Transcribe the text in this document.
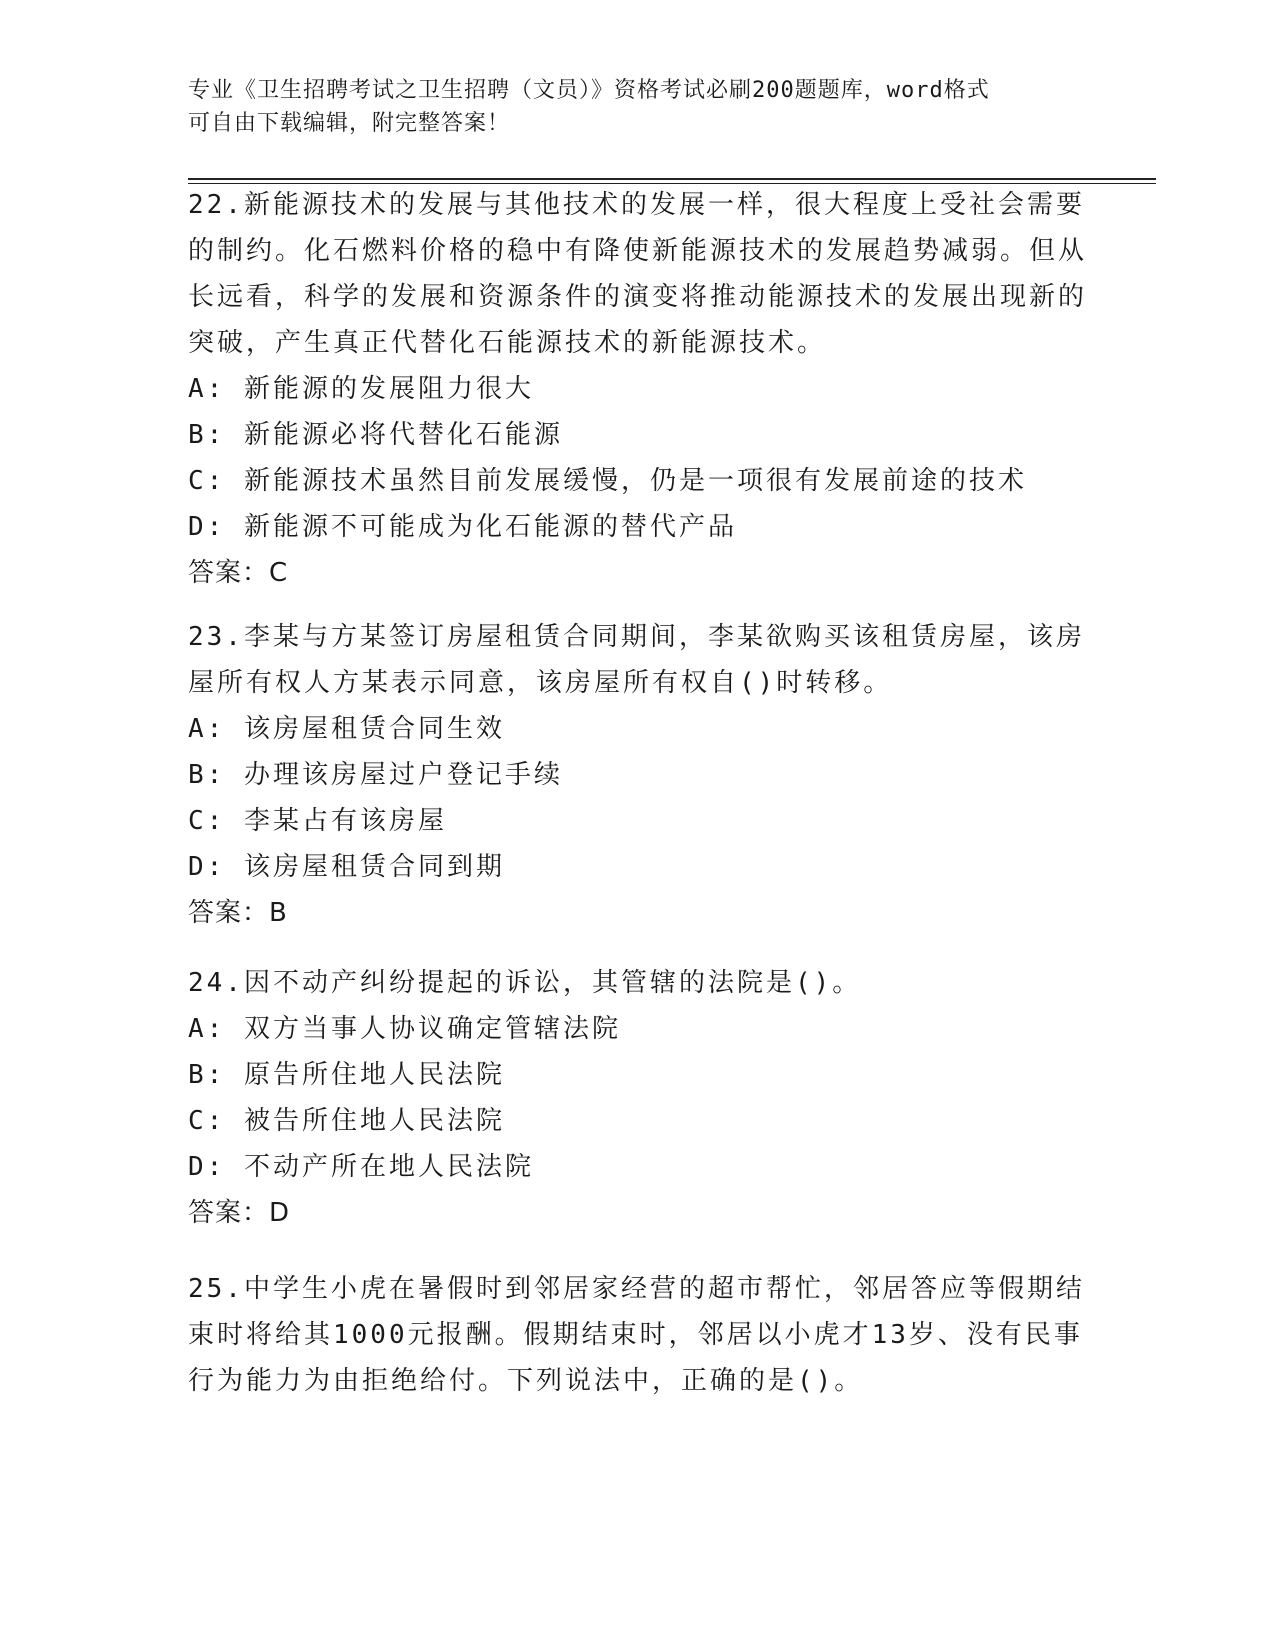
专业《卫生招聘考试之卫生招聘（文员）》资格考试必刷200题题库，word格式
可自由下载编辑，附完整答案！
22.新能源技术的发展与其他技术的发展一样，很大程度上受社会需要的制约。化石燃料价格的稳中有降使新能源技术的发展趋势减弱。但从长远看，科学的发展和资源条件的演变将推动能源技术的发展出现新的突破，产生真正代替化石能源技术的新能源技术。
A: 新能源的发展阻力很大
B: 新能源必将代替化石能源
C: 新能源技术虽然目前发展缓慢，仍是一项很有发展前途的技术
D: 新能源不可能成为化石能源的替代产品
答案：C
23.李某与方某签订房屋租赁合同期间，李某欲购买该租赁房屋，该房屋所有权人方某表示同意，该房屋所有权自()时转移。
A: 该房屋租赁合同生效
B: 办理该房屋过户登记手续
C: 李某占有该房屋
D: 该房屋租赁合同到期
答案：B
24.因不动产纠纷提起的诉讼，其管辖的法院是()。
A: 双方当事人协议确定管辖法院
B: 原告所住地人民法院
C: 被告所住地人民法院
D: 不动产所在地人民法院
答案：D
25.中学生小虎在暑假时到邻居家经营的超市帮忙，邻居答应等假期结束时将给其1000元报酬。假期结束时，邻居以小虎才13岁、没有民事行为能力为由拒绝给付。下列说法中，正确的是()。
